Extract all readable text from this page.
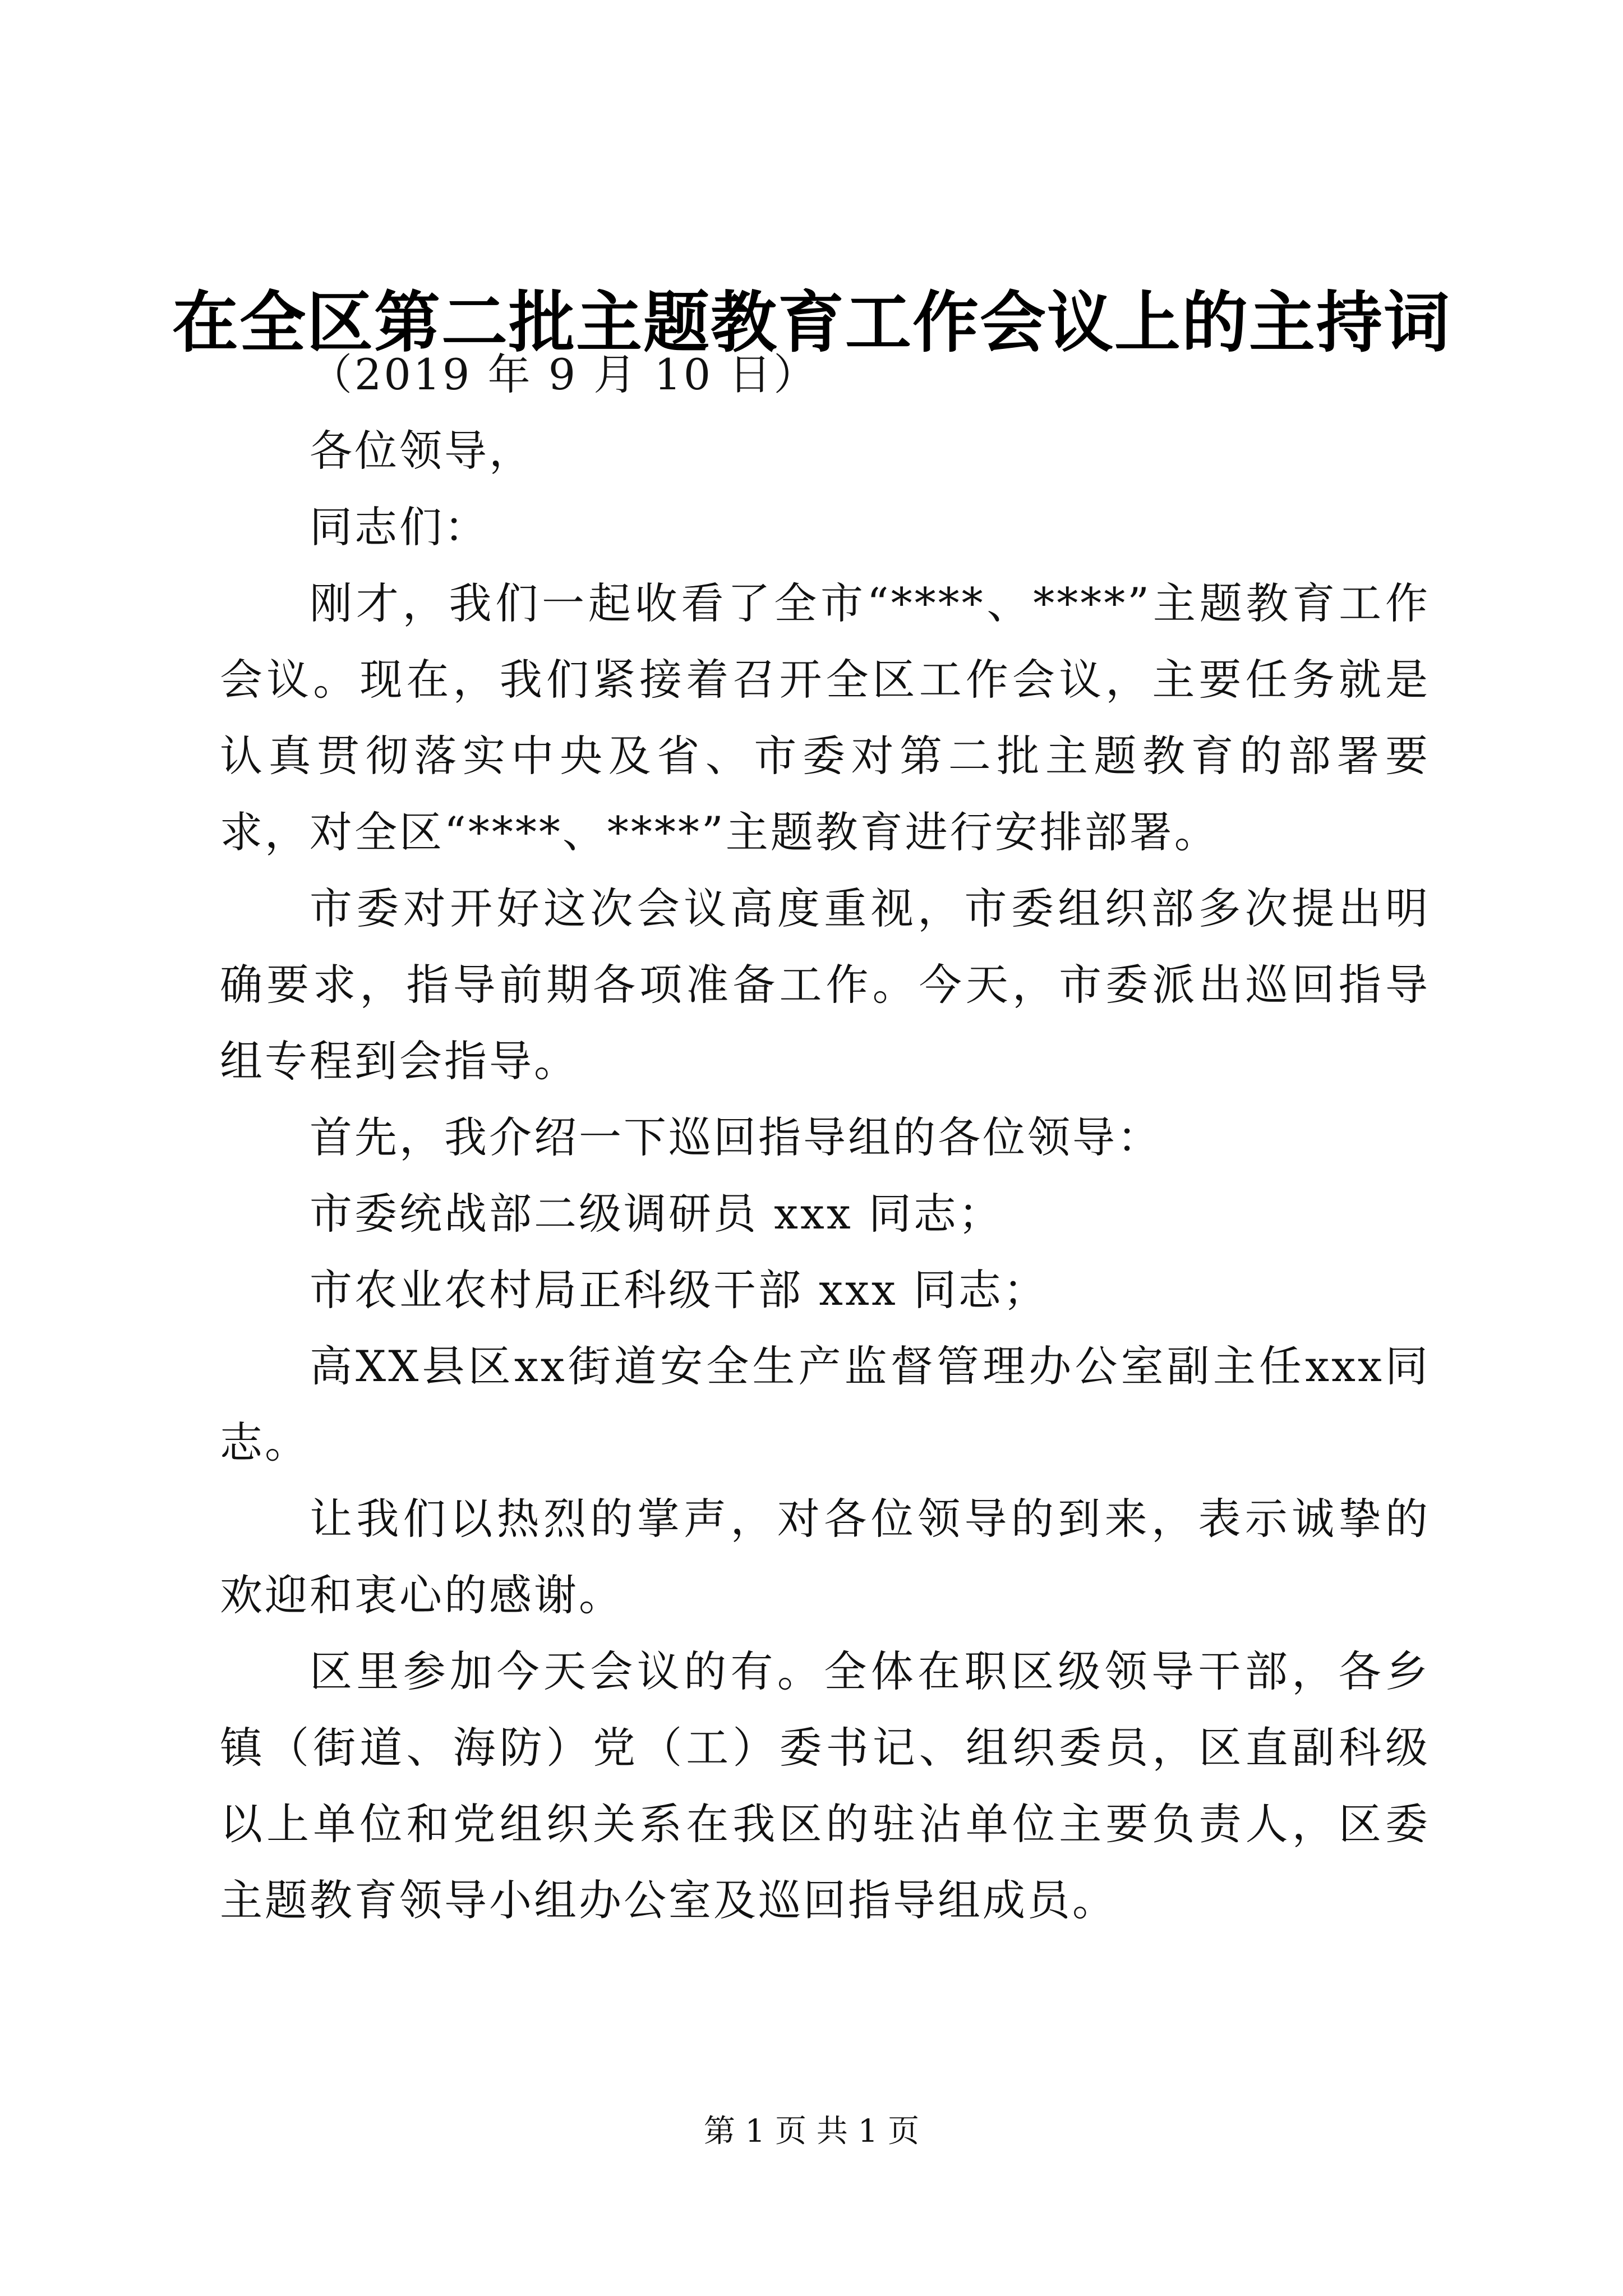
在全区第二批主题教育工作会议上的主持词

（2019 年 9 月 10 日）

各位领导，

同志们：

刚才，我们一起收看了全市“****、****”主题教育工作会议。现在，我们紧接着召开全区工作会议，主要任务就是认真贯彻落实中央及省、市委对第二批主题教育的部署要求，对全区“****、****”主题教育进行安排部署。

市委对开好这次会议高度重视，市委组织部多次提出明确要求，指导前期各项准备工作。今天，市委派出巡回指导组专程到会指导。

首先，我介绍一下巡回指导组的各位领导：

市委统战部二级调研员 xxx 同志；

市农业农村局正科级干部 xxx 同志；

高XX县区xx街道安全生产监督管理办公室副主任xxx同志。

让我们以热烈的掌声，对各位领导的到来，表示诚挚的欢迎和衷心的感谢。

区里参加今天会议的有。全体在职区级领导干部，各乡镇（街道、海防）党（工）委书记、组织委员，区直副科级以上单位和党组织关系在我区的驻沾单位主要负责人，区委主题教育领导小组办公室及巡回指导组成员。

第 1 页 共 1 页
